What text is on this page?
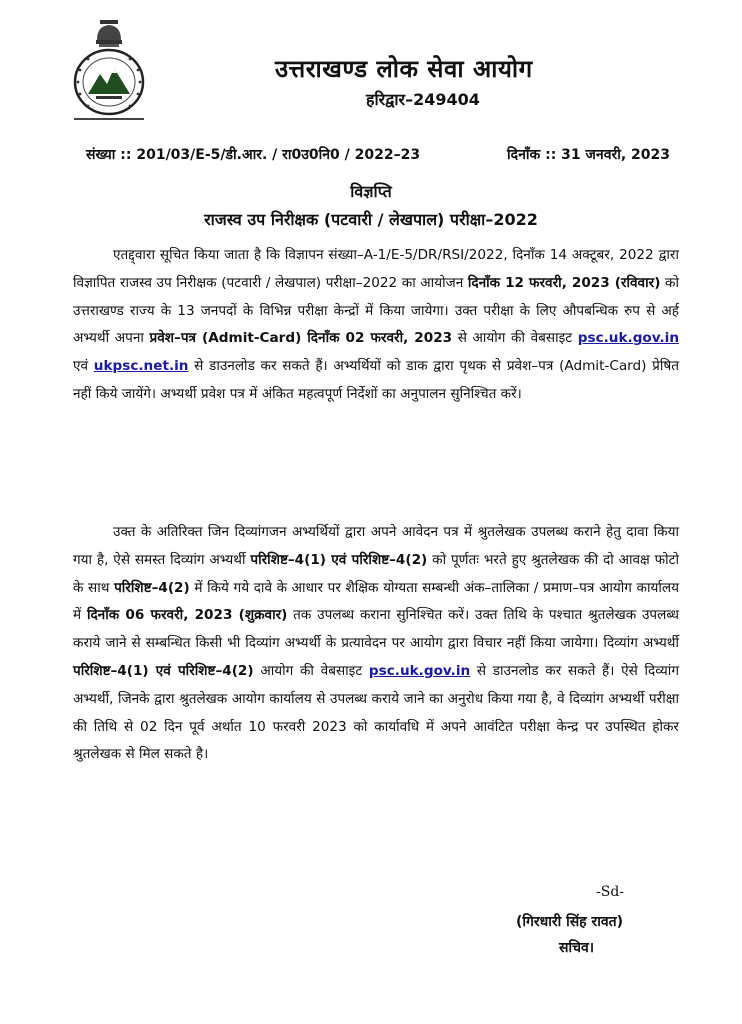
उत्तराखण्ड लोक सेवा आयोग
हरिद्वार–249404
संख्या :: 201/03/E-5/डी.आर. / रा0उ0नि0 / 2022–23	दिनाँक :: 31 जनवरी, 2023
विज्ञप्ति
राजस्व उप निरीक्षक (पटवारी / लेखपाल) परीक्षा–2022

एतद्द्वारा सूचित किया जाता है कि विज्ञापन संख्या–A-1/E-5/DR/RSI/2022, दिनाँक 14 अक्टूबर, 2022 द्वारा विज्ञापित राजस्व उप निरीक्षक (पटवारी / लेखपाल) परीक्षा–2022 का आयोजन दिनाँक 12 फरवरी, 2023 (रविवार) को उत्तराखण्ड राज्य के 13 जनपदों के विभिन्न परीक्षा केन्द्रों में किया जायेगा। उक्त परीक्षा के लिए औपबन्धिक रुप से अर्ह अभ्यर्थी अपना प्रवेश–पत्र (Admit-Card) दिनाँक 02 फरवरी, 2023 से आयोग की वेबसाइट psc.uk.gov.in एवं ukpsc.net.in से डाउनलोड कर सकते हैं। अभ्यर्थियों को डाक द्वारा पृथक से प्रवेश–पत्र (Admit-Card) प्रेषित नहीं किये जायेंगे। अभ्यर्थी प्रवेश पत्र में अंकित महत्वपूर्ण निर्देशों का अनुपालन सुनिश्चित करें।

उक्त के अतिरिक्त जिन दिव्यांगजन अभ्यर्थियों द्वारा अपने आवेदन पत्र में श्रुतलेखक उपलब्ध कराने हेतु दावा किया गया है, ऐसे समस्त दिव्यांग अभ्यर्थी परिशिष्ट–4(1) एवं परिशिष्ट–4(2) को पूर्णतः भरते हुए श्रुतलेखक की दो आवक्ष फोटो के साथ परिशिष्ट–4(2) में किये गये दावे के आधार पर शैक्षिक योग्यता सम्बन्धी अंक–तालिका / प्रमाण–पत्र आयोग कार्यालय में दिनाँक 06 फरवरी, 2023 (शुक्रवार) तक उपलब्ध कराना सुनिश्चित करें। उक्त तिथि के पश्चात श्रुतलेखक उपलब्ध कराये जाने से सम्बन्धित किसी भी दिव्यांग अभ्यर्थी के प्रत्यावेदन पर आयोग द्वारा विचार नहीं किया जायेगा। दिव्यांग अभ्यर्थी परिशिष्ट–4(1) एवं परिशिष्ट–4(2) आयोग की वेबसाइट psc.uk.gov.in से डाउनलोड कर सकते हैं। ऐसे दिव्यांग अभ्यर्थी, जिनके द्वारा श्रुतलेखक आयोग कार्यालय से उपलब्ध कराये जाने का अनुरोध किया गया है, वे दिव्यांग अभ्यर्थी परीक्षा की तिथि से 02 दिन पूर्व अर्थात 10 फरवरी 2023 को कार्यावधि में अपने आवंटित परीक्षा केन्द्र पर उपस्थित होकर श्रुतलेखक से मिल सकते है।

-Sd-
(गिरधारी सिंह रावत)
सचिव।
